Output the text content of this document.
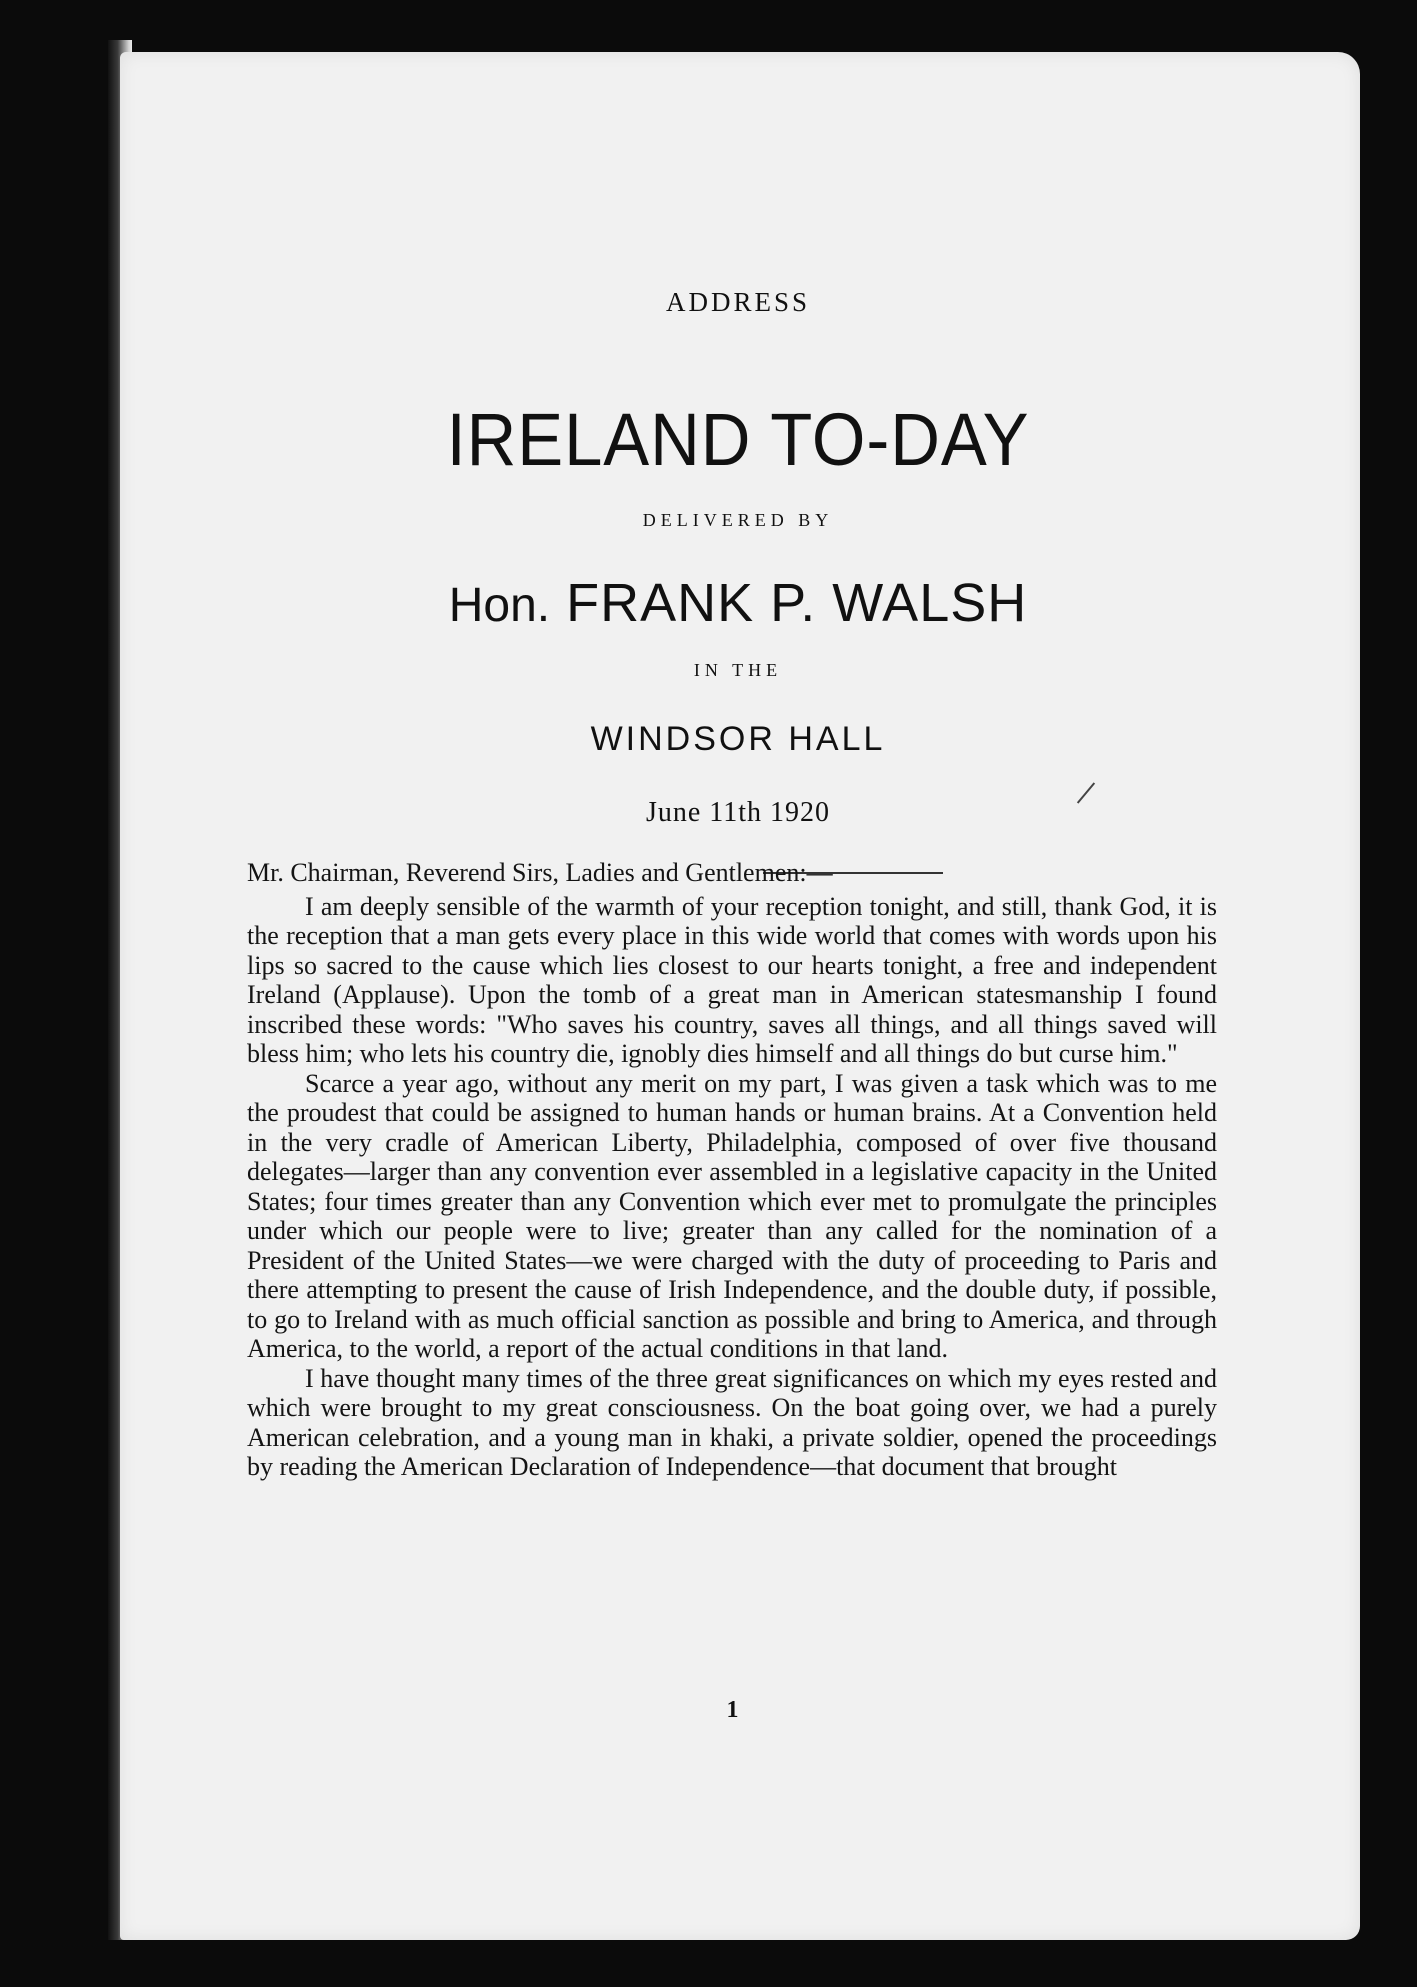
ADDRESS
IRELAND TO-DAY
DELIVERED BY
Hon. FRANK P. WALSH
IN THE
WINDSOR HALL
June 11th 1920

Mr. Chairman, Reverend Sirs, Ladies and Gentlemen:—

I am deeply sensible of the warmth of your reception tonight, and still, thank God, it is the reception that a man gets every place in this wide world that comes with words upon his lips so sacred to the cause which lies closest to our hearts tonight, a free and independent Ireland (Applause). Upon the tomb of a great man in American statesmanship I found inscribed these words: "Who saves his country, saves all things, and all things saved will bless him; who lets his country die, ignobly dies himself and all things do but curse him."

Scarce a year ago, without any merit on my part, I was given a task which was to me the proudest that could be assigned to human hands or human brains. At a Convention held in the very cradle of American Liberty, Philadelphia, composed of over five thousand delegates—larger than any convention ever assembled in a legislative capacity in the United States; four times greater than any Convention which ever met to promulgate the principles under which our people were to live; greater than any called for the nomination of a President of the United States—we were charged with the duty of proceeding to Paris and there attempting to present the cause of Irish Independence, and the double duty, if possible, to go to Ireland with as much official sanction as possible and bring to America, and through America, to the world, a report of the actual conditions in that land.

I have thought many times of the three great significances on which my eyes rested and which were brought to my great consciousness. On the boat going over, we had a purely American celebration, and a young man in khaki, a private soldier, opened the proceedings by reading the American Declaration of Independence—that document that brought

1
